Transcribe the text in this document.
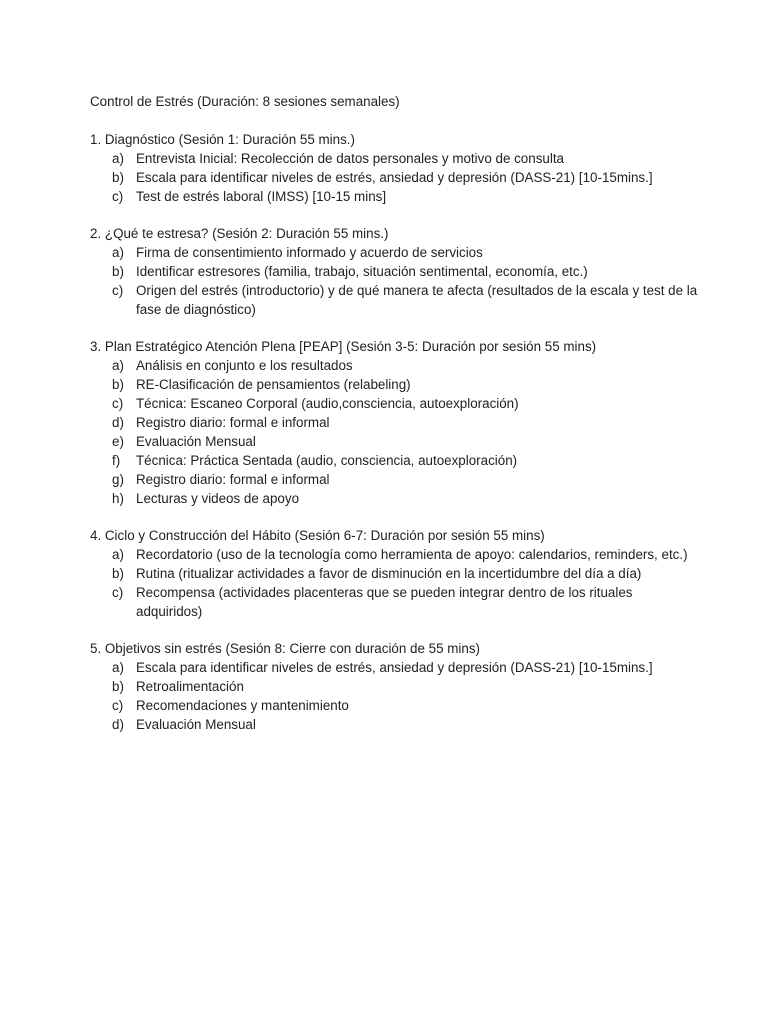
Control de Estrés (Duración: 8 sesiones semanales)

1. Diagnóstico (Sesión 1: Duración 55 mins.)

a) Entrevista Inicial: Recolección de datos personales y motivo de consulta
b) Escala para identificar niveles de estrés, ansiedad y depresión (DASS-21) [10-15mins.]
c) Test de estrés laboral (IMSS) [10-15 mins]

2. ¿Qué te estresa? (Sesión 2: Duración 55 mins.)

a) Firma de consentimiento informado y acuerdo de servicios
b) Identificar estresores (familia, trabajo, situación sentimental, economía, etc.)
c) Origen del estrés (introductorio) y de qué manera te afecta (resultados de la escala y test de la fase de diagnóstico)

3. Plan Estratégico Atención Plena [PEAP] (Sesión 3-5: Duración por sesión 55 mins)

a) Análisis en conjunto e los resultados
b) RE-Clasificación de pensamientos (relabeling)
c) Técnica: Escaneo Corporal (audio,consciencia, autoexploración)
d) Registro diario: formal e informal
e) Evaluación Mensual
f)	Técnica: Práctica Sentada (audio, consciencia, autoexploración)
g) Registro diario: formal e informal
h) Lecturas y videos de apoyo

4. Ciclo y Construcción del Hábito (Sesión 6-7: Duración por sesión 55 mins)

a) Recordatorio (uso de la tecnología como herramienta de apoyo: calendarios, reminders, etc.)
b) Rutina (ritualizar actividades a favor de disminución en la incertidumbre del día a día)
c) Recompensa (actividades placenteras que se pueden integrar dentro de los rituales adquiridos)

5. Objetivos sin estrés (Sesión 8: Cierre con duración de 55 mins)

a) Escala para identificar niveles de estrés, ansiedad y depresión (DASS-21) [10-15mins.]
b) Retroalimentación
c) Recomendaciones y mantenimiento
d) Evaluación Mensual
